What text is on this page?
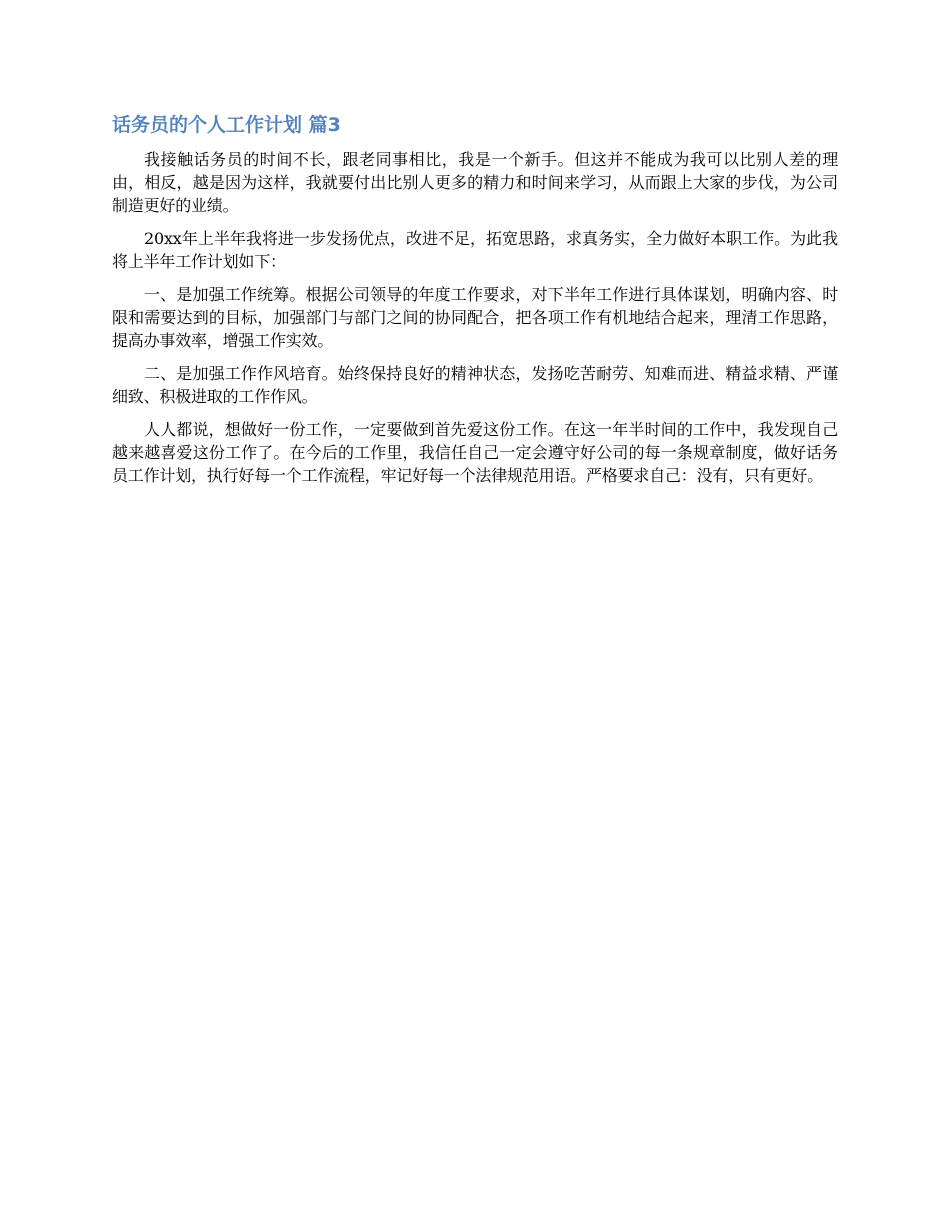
话务员的个人工作计划 篇3

我接触话务员的时间不长，跟老同事相比，我是一个新手。但这并不能成为我可以比别人差的理由，相反，越是因为这样，我就要付出比别人更多的精力和时间来学习，从而跟上大家的步伐，为公司制造更好的业绩。

20xx年上半年我将进一步发扬优点，改进不足，拓宽思路，求真务实，全力做好本职工作。为此我将上半年工作计划如下：

一、是加强工作统筹。根据公司领导的年度工作要求，对下半年工作进行具体谋划，明确内容、时限和需要达到的目标，加强部门与部门之间的协同配合，把各项工作有机地结合起来，理清工作思路，提高办事效率，增强工作实效。

二、是加强工作作风培育。始终保持良好的精神状态，发扬吃苦耐劳、知难而进、精益求精、严谨细致、积极进取的工作作风。

人人都说，想做好一份工作，一定要做到首先爱这份工作。在这一年半时间的工作中，我发现自己越来越喜爱这份工作了。在今后的工作里，我信任自己一定会遵守好公司的每一条规章制度，做好话务员工作计划，执行好每一个工作流程，牢记好每一个法律规范用语。严格要求自己：没有，只有更好。
